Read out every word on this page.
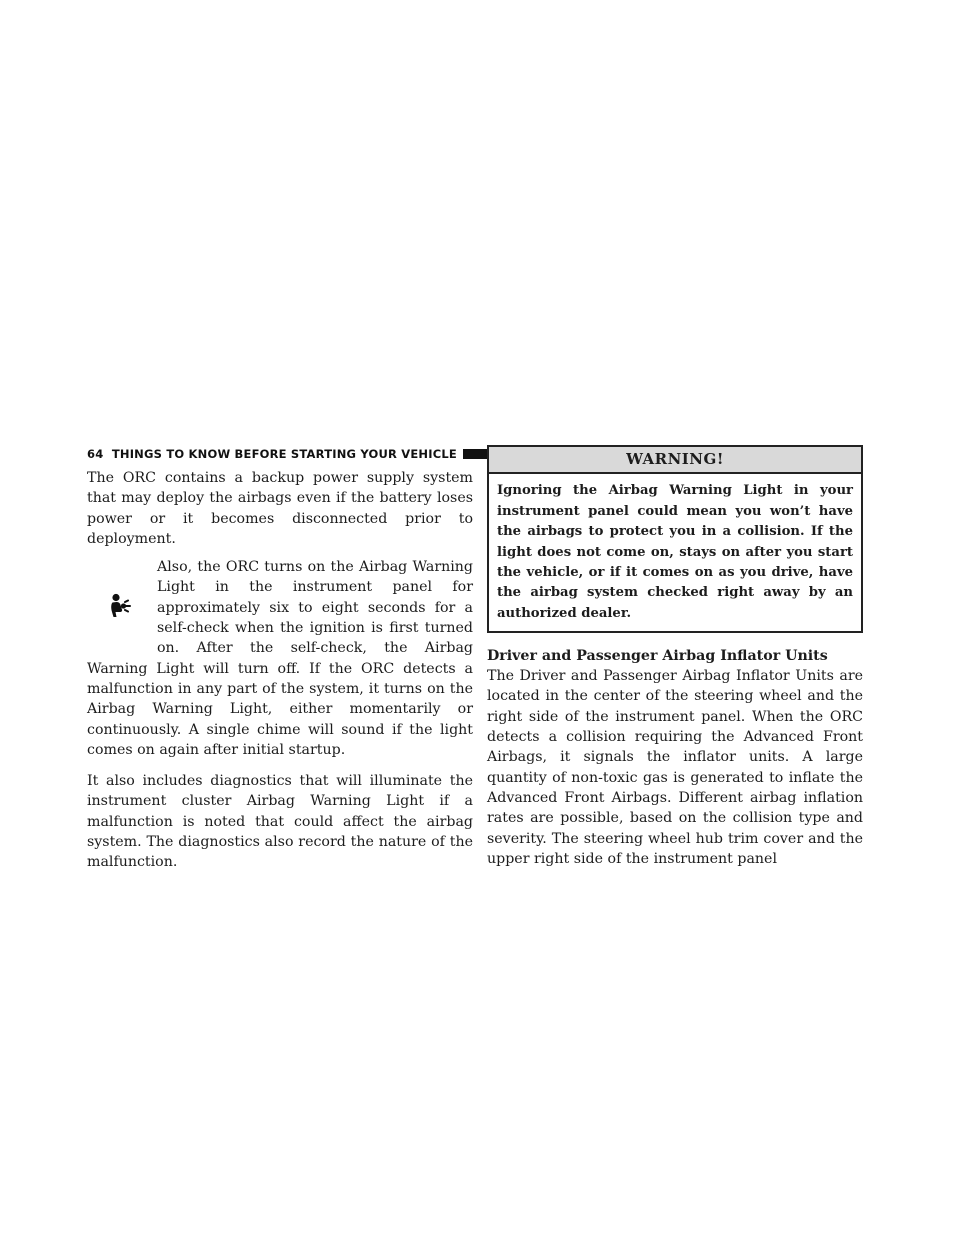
64 THINGS TO KNOW BEFORE STARTING YOUR VEHICLE

The ORC contains a backup power supply system that may deploy the airbags even if the battery loses power or it becomes disconnected prior to deployment.

Also, the ORC turns on the Airbag Warning Light in the instrument panel for approximately six to eight seconds for a self-check when the ignition is first turned on. After the self-check, the Airbag Warning Light will turn off. If the ORC detects a malfunction in any part of the system, it turns on the Airbag Warning Light, either momentarily or continuously. A single chime will sound if the light comes on again after initial startup.

It also includes diagnostics that will illuminate the instrument cluster Airbag Warning Light if a malfunction is noted that could affect the airbag system. The diagnostics also record the nature of the malfunction.

WARNING!
Ignoring the Airbag Warning Light in your instrument panel could mean you won’t have the airbags to protect you in a collision. If the light does not come on, stays on after you start the vehicle, or if it comes on as you drive, have the airbag system checked right away by an authorized dealer.
Driver and Passenger Airbag Inflator Units

The Driver and Passenger Airbag Inflator Units are located in the center of the steering wheel and the right side of the instrument panel. When the ORC detects a collision requiring the Advanced Front Airbags, it signals the inflator units. A large quantity of non-toxic gas is generated to inflate the Advanced Front Airbags. Different airbag inflation rates are possible, based on the collision type and severity. The steering wheel hub trim cover and the upper right side of the instrument panel
